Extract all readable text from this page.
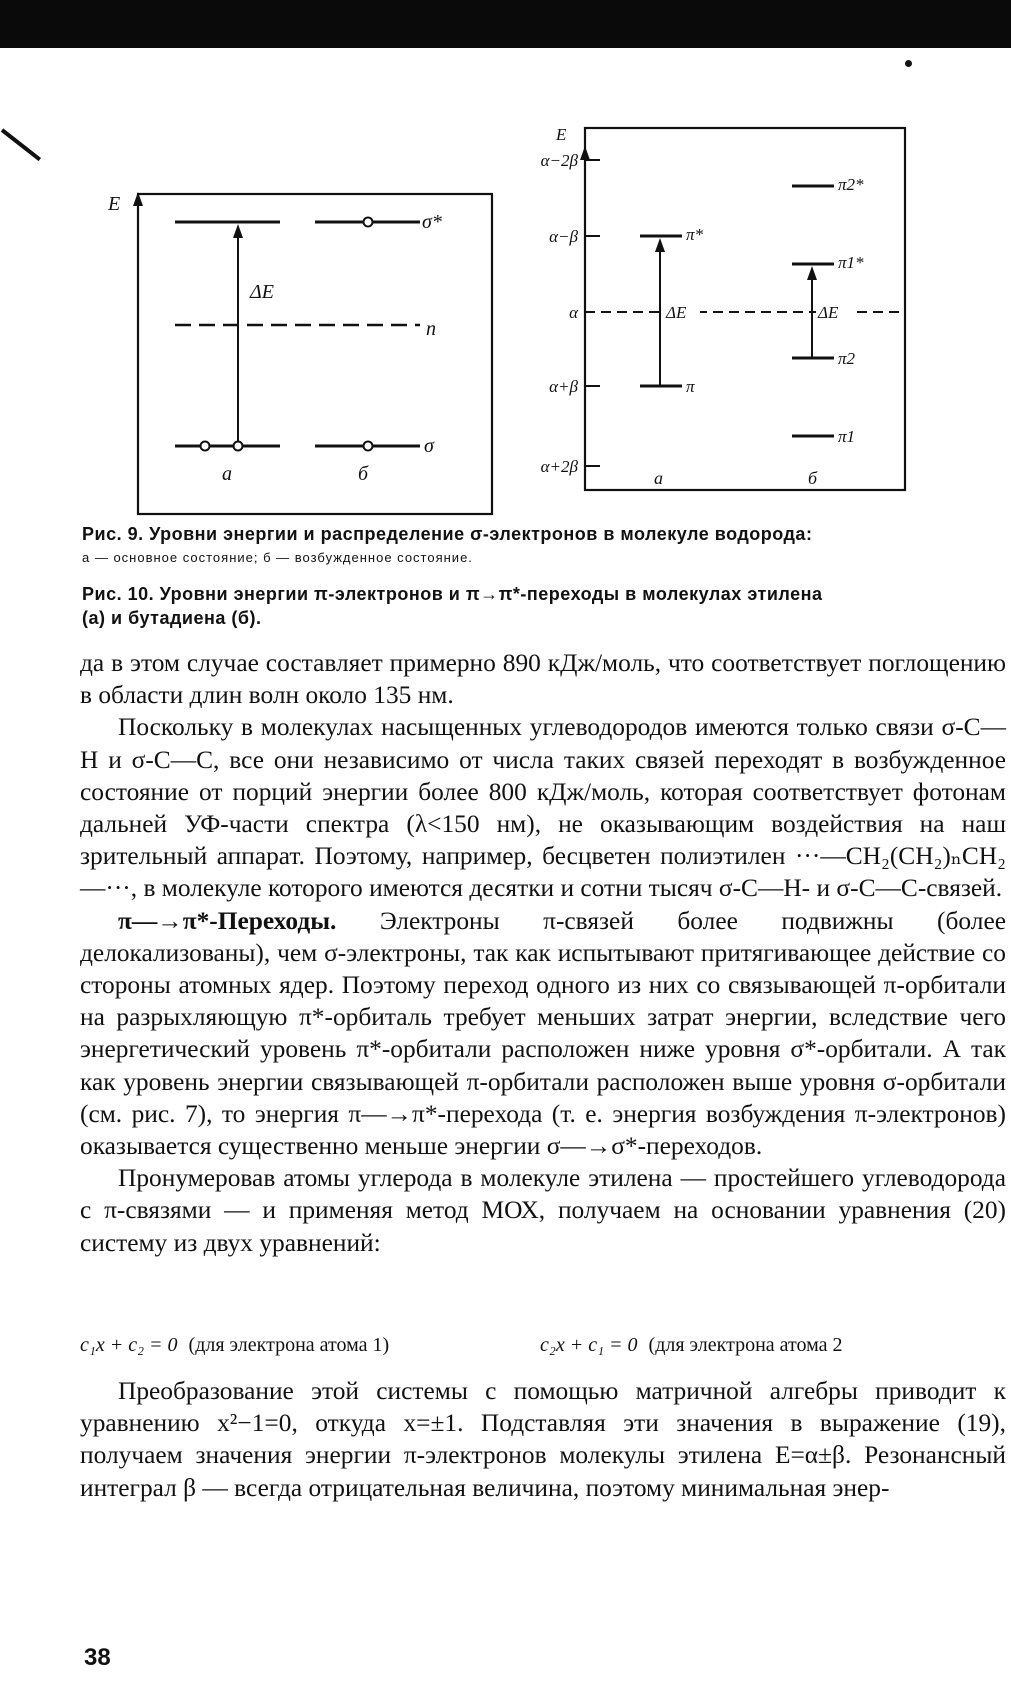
E
σ*
n
ΔE
σ
a	б
E
α−2β
α−β
α
α+β
α+2β
π*
π
ΔE
π2*
π1*
π2
π1
ΔE
a	б
Рис. 9. Уровни энергии и распределение σ-электронов в молекуле водорода:
а — основное состояние; б — возбужденное состояние.
Рис. 10. Уровни энергии π-электронов и π→π*-переходы в молекулах этилена
(а) и бутадиена (б).

да в этом случае составляет примерно 890 кДж/моль, что соответствует поглощению в области длин волн около 135 нм.

Поскольку в молекулах насыщенных углеводородов имеются только связи σ-С—Н и σ-С—С, все они независимо от числа таких связей переходят в возбужденное состояние от порций энергии более 800 кДж/моль, которая соответствует фотонам дальней УФ-части спектра (λ<150 нм), не оказывающим воздействия на наш зрительный аппарат. Поэтому, например, бесцветен полиэтилен ···—CH₂(CH₂)ₙCH₂—···, в молекуле которого имеются десятки и сотни тысяч σ-С—Н- и σ-С—С-связей.

π—→π*-Переходы. Электроны π-связей более подвижны (более делокализованы), чем σ-электроны, так как испытывают притягивающее действие со стороны атомных ядер. Поэтому переход одного из них со связывающей π-орбитали на разрыхляющую π*-орбиталь требует меньших затрат энергии, вследствие чего энергетический уровень π*-орбитали расположен ниже уровня σ*-орбитали. А так как уровень энергии связывающей π-орбитали расположен выше уровня σ-орбитали (см. рис. 7), то энергия π—→π*-перехода (т. е. энергия возбуждения π-электронов) оказывается существенно меньше энергии σ—→σ*-переходов.

Пронумеровав атомы углерода в молекуле этилена — простейшего углеводорода с π-связями — и применяя метод МОХ, получаем на основании уравнения (20) систему из двух уравнений:

c₁x + c₂ = 0 (для электрона атома 1)	c₂x + c₁ = 0 (для электрона атома 2

Преобразование этой системы с помощью матричной алгебры приводит к уравнению x²−1=0, откуда x=±1. Подставляя эти значения в выражение (19), получаем значения энергии π-электронов молекулы этилена E=α±β. Резонансный интеграл β — всегда отрицательная величина, поэтому минимальная энер-

38
